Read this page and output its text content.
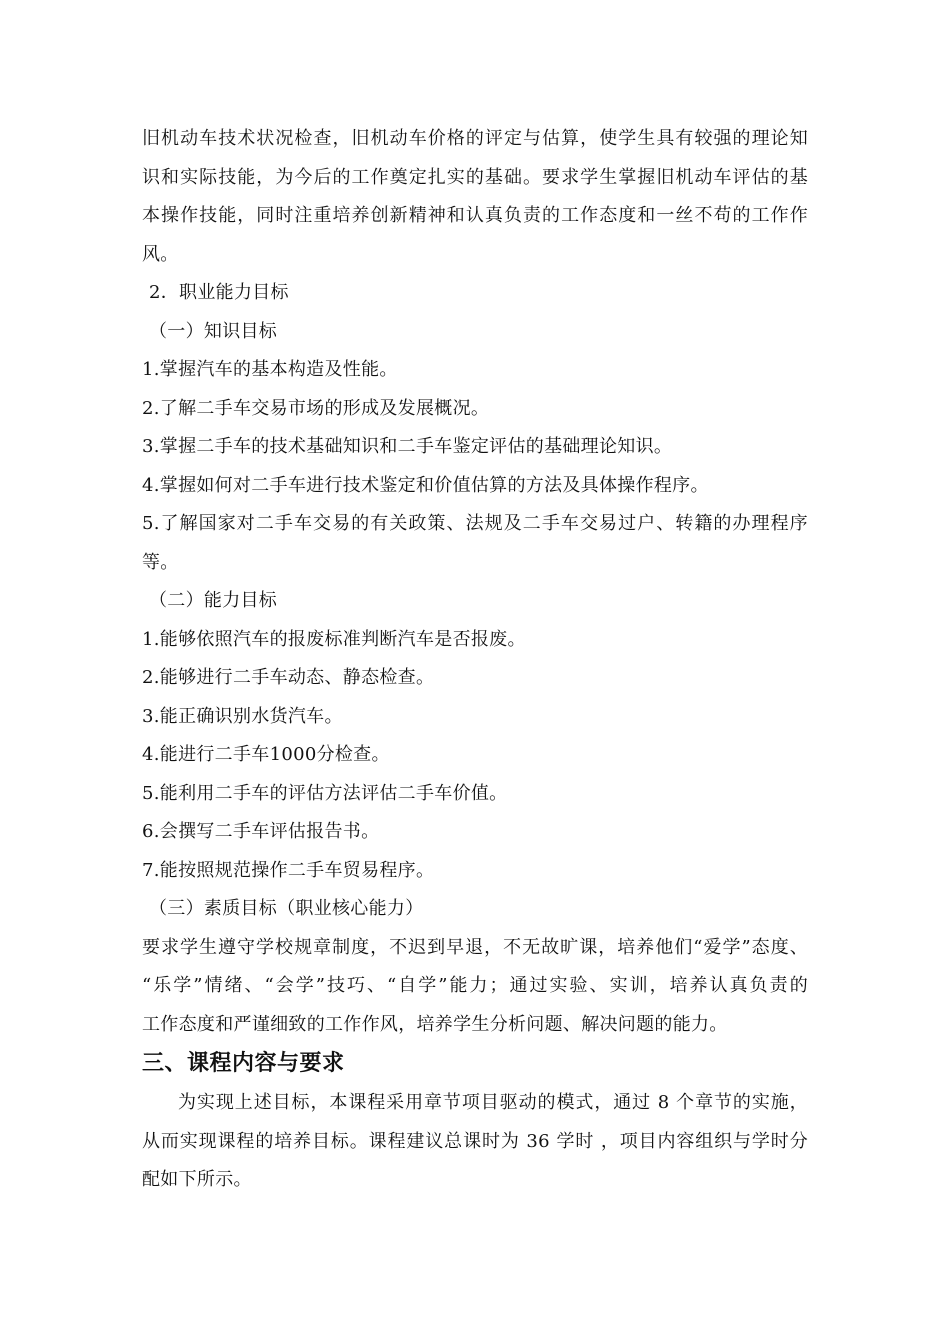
旧机动车技术状况检查，旧机动车价格的评定与估算，使学生具有较强的理论知
识和实际技能，为今后的工作奠定扎实的基础。要求学生掌握旧机动车评估的基
本操作技能，同时注重培养创新精神和认真负责的工作态度和一丝不苟的工作作
风。
2．职业能力目标
（一）知识目标
1.掌握汽车的基本构造及性能。
2.了解二手车交易市场的形成及发展概况。
3.掌握二手车的技术基础知识和二手车鉴定评估的基础理论知识。
4.掌握如何对二手车进行技术鉴定和价值估算的方法及具体操作程序。
5.了解国家对二手车交易的有关政策、法规及二手车交易过户、转籍的办理程序
等。
（二）能力目标
1.能够依照汽车的报废标准判断汽车是否报废。
2.能够进行二手车动态、静态检查。
3.能正确识别水货汽车。
4.能进行二手车1000分检查。
5.能利用二手车的评估方法评估二手车价值。
6.会撰写二手车评估报告书。
7.能按照规范操作二手车贸易程序。
（三）素质目标（职业核心能力）
要求学生遵守学校规章制度，不迟到早退，不无故旷课，培养他们“爱学”态度、
“乐学”情绪、“会学”技巧、“自学”能力；通过实验、实训，培养认真负责的
工作态度和严谨细致的工作作风，培养学生分析问题、解决问题的能力。
三、课程内容与要求
为实现上述目标，本课程采用章节项目驱动的模式，通过 8 个章节的实施，
从而实现课程的培养目标。课程建议总课时为 36 学时 ，项目内容组织与学时分
配如下所示。
